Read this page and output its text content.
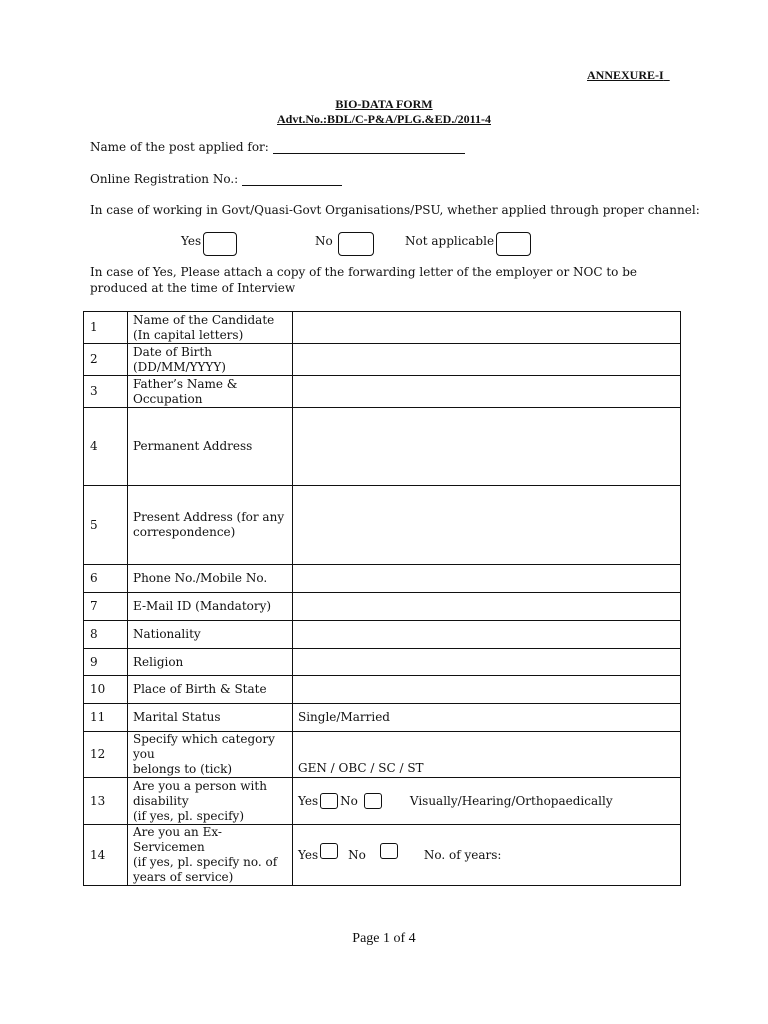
ANNEXURE-I
BIO-DATA FORM
Advt.No.:BDL/C-P&A/PLG.&ED./2011-4
Name of the post applied for:
Online Registration No.:
In case of working in Govt/Quasi-Govt Organisations/PSU, whether applied through proper channel:
Yes	No	Not applicable
In case of Yes, Please attach a copy of the forwarding letter of the employer or NOC to be produced at the time of Interview
1	Name of the Candidate
(In capital letters)	
2	Date of Birth
(DD/MM/YYYY)	
3	Father’s Name &
Occupation	
4	Permanent Address	
5	Present Address (for any
correspondence)	
6	Phone No./Mobile No.	
7	E-Mail ID (Mandatory)	
8	Nationality	
9	Religion	
10	Place of Birth & State	
11	Marital Status	Single/Married
12	Specify which category you
belongs to (tick)	GEN / OBC / SC / ST
13	Are you a person with
disability
(if yes, pl. specify)	Yes No Visually/Hearing/Orthopaedically

14	Are you an Ex-Servicemen
(if yes, pl. specify no. of
years of service)	Yes No No. of years:
Page 1 of 4
